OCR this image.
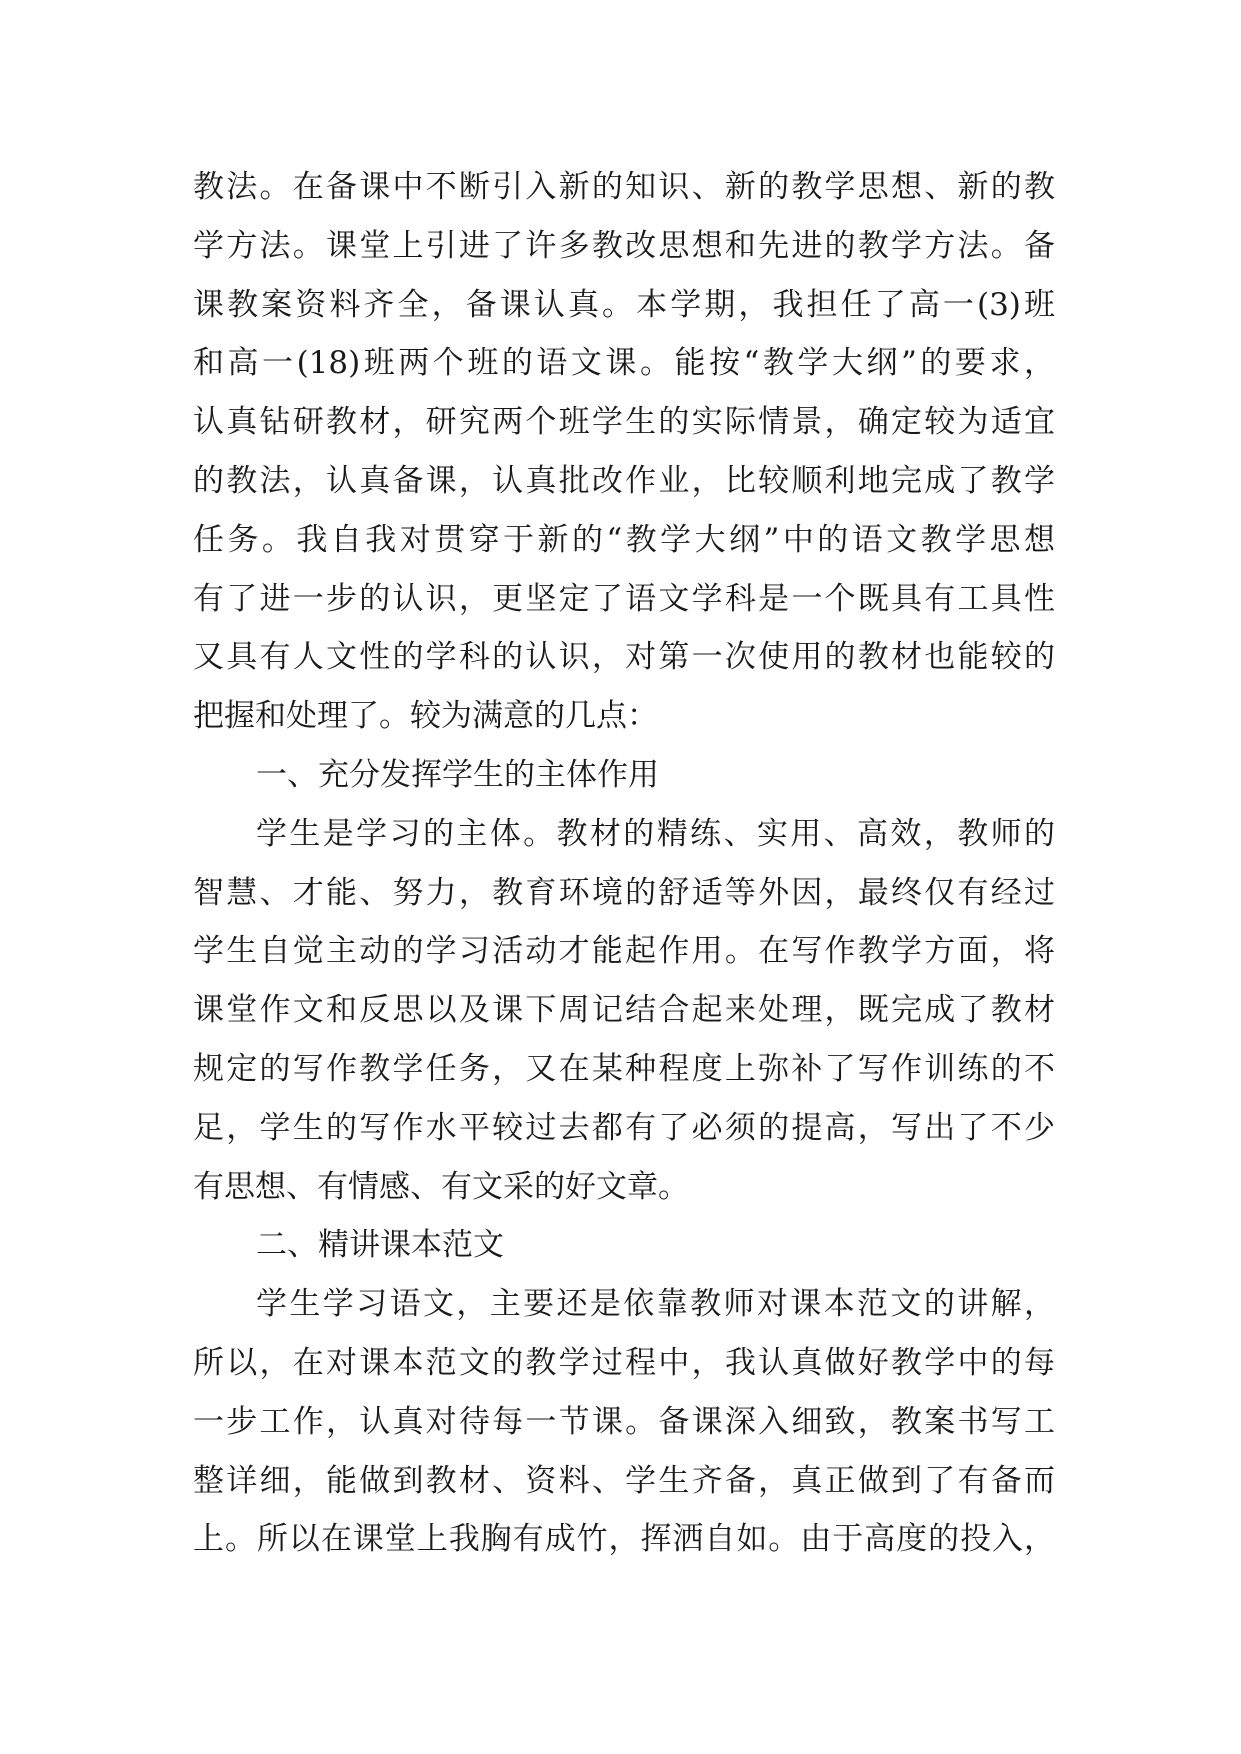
教法。在备课中不断引入新的知识、新的教学思想、新的教
学方法。课堂上引进了许多教改思想和先进的教学方法。备
课教案资料齐全，备课认真。本学期，我担任了高一(3)班
和高一(18)班两个班的语文课。能按“教学大纲”的要求，
认真钻研教材，研究两个班学生的实际情景，确定较为适宜
的教法，认真备课，认真批改作业，比较顺利地完成了教学
任务。我自我对贯穿于新的“教学大纲”中的语文教学思想
有了进一步的认识，更坚定了语文学科是一个既具有工具性
又具有人文性的学科的认识，对第一次使用的教材也能较的
把握和处理了。较为满意的几点：
一、充分发挥学生的主体作用
学生是学习的主体。教材的精练、实用、高效，教师的
智慧、才能、努力，教育环境的舒适等外因，最终仅有经过
学生自觉主动的学习活动才能起作用。在写作教学方面，将
课堂作文和反思以及课下周记结合起来处理，既完成了教材
规定的写作教学任务，又在某种程度上弥补了写作训练的不
足，学生的写作水平较过去都有了必须的提高，写出了不少
有思想、有情感、有文采的好文章。
二、精讲课本范文
学生学习语文，主要还是依靠教师对课本范文的讲解，
所以，在对课本范文的教学过程中，我认真做好教学中的每
一步工作，认真对待每一节课。备课深入细致，教案书写工
整详细，能做到教材、资料、学生齐备，真正做到了有备而
上。所以在课堂上我胸有成竹，挥洒自如。由于高度的投入，
